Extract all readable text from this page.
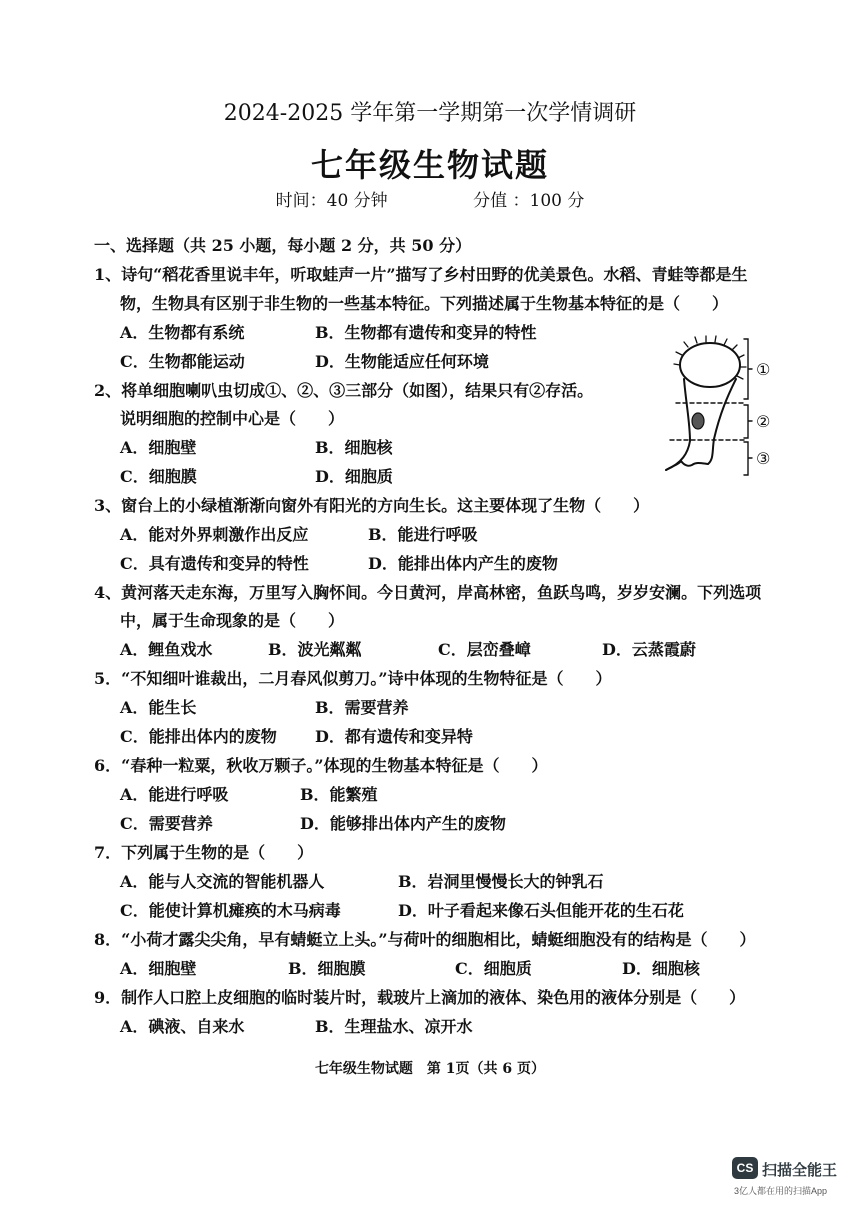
2024-2025 学年第一学期第一次学情调研
七年级生物试题
时间：40 分钟	分值 ：100 分
一、选择题（共 25 小题，每小题 2 分，共 50 分）
1、诗句“稻花香里说丰年，听取蛙声一片”描写了乡村田野的优美景色。水稻、青蛙等都是生
物，生物具有区别于非生物的一些基本特征。下列描述属于生物基本特征的是（　　）
A．生物都有系统	B．生物都有遗传和变异的特性
C．生物都能运动	D．生物能适应任何环境
2、将单细胞喇叭虫切成①、②、③三部分（如图），结果只有②存活。
说明细胞的控制中心是（　　）
A．细胞壁	B．细胞核
C．细胞膜	D．细胞质
3、窗台上的小绿植渐渐向窗外有阳光的方向生长。这主要体现了生物（　　）
A．能对外界刺激作出反应	B．能进行呼吸
C．具有遗传和变异的特性	D．能排出体内产生的废物
4、黄河落天走东海，万里写入胸怀间。今日黄河，岸高林密，鱼跃鸟鸣，岁岁安澜。下列选项
中，属于生命现象的是（　　）
A．鲤鱼戏水	B．波光粼粼	C．层峦叠嶂	D．云蒸霞蔚
5．“不知细叶谁裁出，二月春风似剪刀。”诗中体现的生物特征是（　　）
A．能生长	B．需要营养
C．能排出体内的废物 D．都有遗传和变异特
6．“春种一粒粟，秋收万颗子。”体现的生物基本特征是（　　）
A．能进行呼吸	B．能繁殖
C．需要营养	D．能够排出体内产生的废物
7．下列属于生物的是（　　）
A．能与人交流的智能机器人	B．岩洞里慢慢长大的钟乳石
C．能使计算机瘫痪的木马病毒	D．叶子看起来像石头但能开花的生石花
8．“小荷才露尖尖角，早有蜻蜓立上头。”与荷叶的细胞相比，蜻蜓细胞没有的结构是（　　）
A．细胞壁	B．细胞膜	C．细胞质	D．细胞核
9．制作人口腔上皮细胞的临时装片时，载玻片上滴加的液体、染色用的液体分别是（　　）
A．碘液、自来水	B．生理盐水、凉开水
①
②
③
七年级生物试题　第 1页（共 6 页）
CS 扫描全能王
3亿人都在用的扫描App
